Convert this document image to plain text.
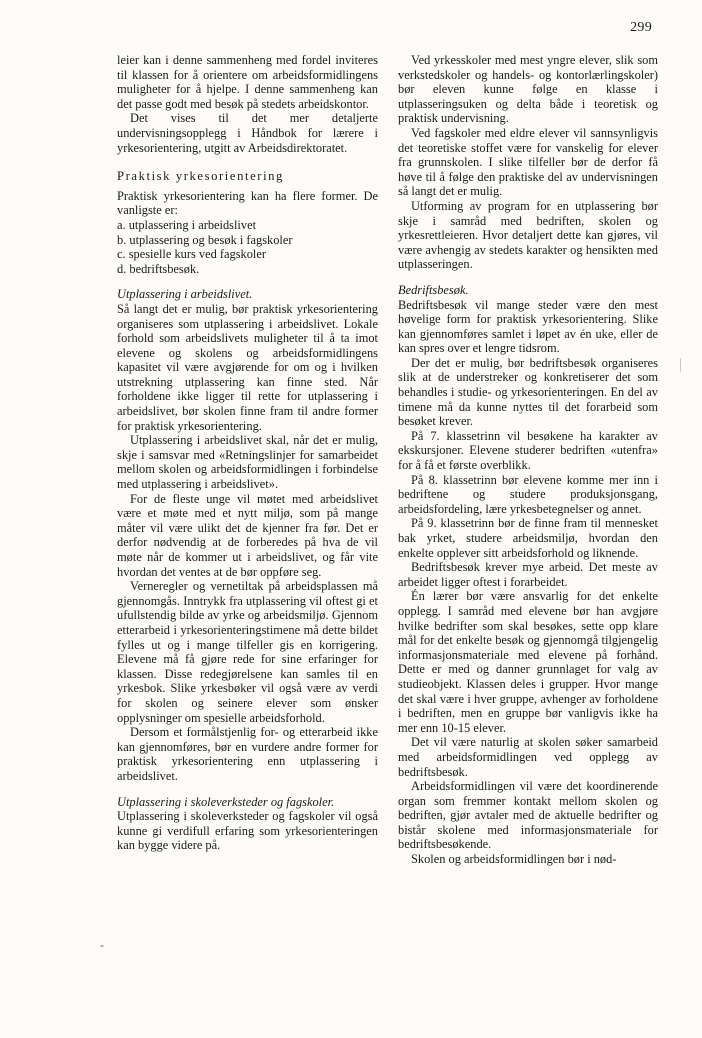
299

leier kan i denne sammenheng med fordel inviteres til klassen for å orientere om arbeidsformidlingens muligheter for å hjelpe. I denne sammenheng kan det passe godt med besøk på stedets arbeidskontor.

Det vises til det mer detaljerte undervisningsopplegg i Håndbok for lærere i yrkesorientering, utgitt av Arbeidsdirektoratet.

Praktisk yrkesorientering

Praktisk yrkesorientering kan ha flere former. De vanligste er:

a. utplassering i arbeidslivet
b. utplassering og besøk i fagskoler
c. spesielle kurs ved fagskoler
d. bedriftsbesøk.

Utplassering i arbeidslivet.

Så langt det er mulig, bør praktisk yrkesorientering organiseres som utplassering i arbeidslivet. Lokale forhold som arbeidslivets muligheter til å ta imot elevene og skolens og arbeidsformidlingens kapasitet vil være avgjørende for om og i hvilken utstrekning utplassering kan finne sted. Når forholdene ikke ligger til rette for utplassering i arbeidslivet, bør skolen finne fram til andre former for praktisk yrkesorientering.

Utplassering i arbeidslivet skal, når det er mulig, skje i samsvar med «Retningslinjer for samarbeidet mellom skolen og arbeidsformidlingen i forbindelse med utplassering i arbeidslivet».

For de fleste unge vil møtet med arbeidslivet være et møte med et nytt miljø, som på mange måter vil være ulikt det de kjenner fra før. Det er derfor nødvendig at de forberedes på hva de vil møte når de kommer ut i arbeidslivet, og får vite hvordan det ventes at de bør oppføre seg.

Verneregler og vernetiltak på arbeidsplassen må gjennomgås. Inntrykk fra utplassering vil oftest gi et ufullstendig bilde av yrke og arbeidsmiljø. Gjennom etterarbeid i yrkesorienteringstimene må dette bildet fylles ut og i mange tilfeller gis en korrigering. Elevene må få gjøre rede for sine erfaringer for klassen. Disse redegjørelsene kan samles til en yrkesbok. Slike yrkesbøker vil også være av verdi for skolen og seinere elever som ønsker opplysninger om spesielle arbeidsforhold.

Dersom et formålstjenlig for- og etterarbeid ikke kan gjennomføres, bør en vurdere andre former for praktisk yrkesorientering enn utplassering i arbeidslivet.

Utplassering i skoleverksteder og fagskoler.

Utplassering i skoleverksteder og fagskoler vil også kunne gi verdifull erfaring som yrkesorienteringen kan bygge videre på.

Ved yrkesskoler med mest yngre elever, slik som verkstedskoler og handels- og kontorlærlingskoler) bør eleven kunne følge en klasse i utplasseringsuken og delta både i teoretisk og praktisk undervisning.

Ved fagskoler med eldre elever vil sannsynligvis det teoretiske stoffet være for vanskelig for elever fra grunnskolen. I slike tilfeller bør de derfor få høve til å følge den praktiske del av undervisningen så langt det er mulig.

Utforming av program for en utplassering bør skje i samråd med bedriften, skolen og yrkesrettleieren. Hvor detaljert dette kan gjøres, vil være avhengig av stedets karakter og hensikten med utplasseringen.

Bedriftsbesøk.

Bedriftsbesøk vil mange steder være den mest høvelige form for praktisk yrkesorientering. Slike kan gjennomføres samlet i løpet av én uke, eller de kan spres over et lengre tidsrom.

Der det er mulig, bør bedriftsbesøk organiseres slik at de understreker og konkretiserer det som behandles i studie- og yrkesorienteringen. En del av timene må da kunne nyttes til det forarbeid som besøket krever.

På 7. klassetrinn vil besøkene ha karakter av ekskursjoner. Elevene studerer bedriften «utenfra» for å få et første overblikk.

På 8. klassetrinn bør elevene komme mer inn i bedriftene og studere produksjonsgang, arbeidsfordeling, lære yrkesbetegnelser og annet.

På 9. klassetrinn bør de finne fram til mennesket bak yrket, studere arbeidsmiljø, hvordan den enkelte opplever sitt arbeidsforhold og liknende.

Bedriftsbesøk krever mye arbeid. Det meste av arbeidet ligger oftest i forarbeidet.

Én lærer bør være ansvarlig for det enkelte opplegg. I samråd med elevene bør han avgjøre hvilke bedrifter som skal besøkes, sette opp klare mål for det enkelte besøk og gjennomgå tilgjengelig informasjonsmateriale med elevene på forhånd. Dette er med og danner grunnlaget for valg av studieobjekt. Klassen deles i grupper. Hvor mange det skal være i hver gruppe, avhenger av forholdene i bedriften, men en gruppe bør vanligvis ikke ha mer enn 10-15 elever.

Det vil være naturlig at skolen søker samarbeid med arbeidsformidlingen ved opplegg av bedriftsbesøk.

Arbeidsformidlingen vil være det koordinerende organ som fremmer kontakt mellom skolen og bedriften, gjør avtaler med de aktuelle bedrifter og bistår skolene med informasjonsmateriale for bedriftsbesøkende.

Skolen og arbeidsformidlingen bør i nød-

-
